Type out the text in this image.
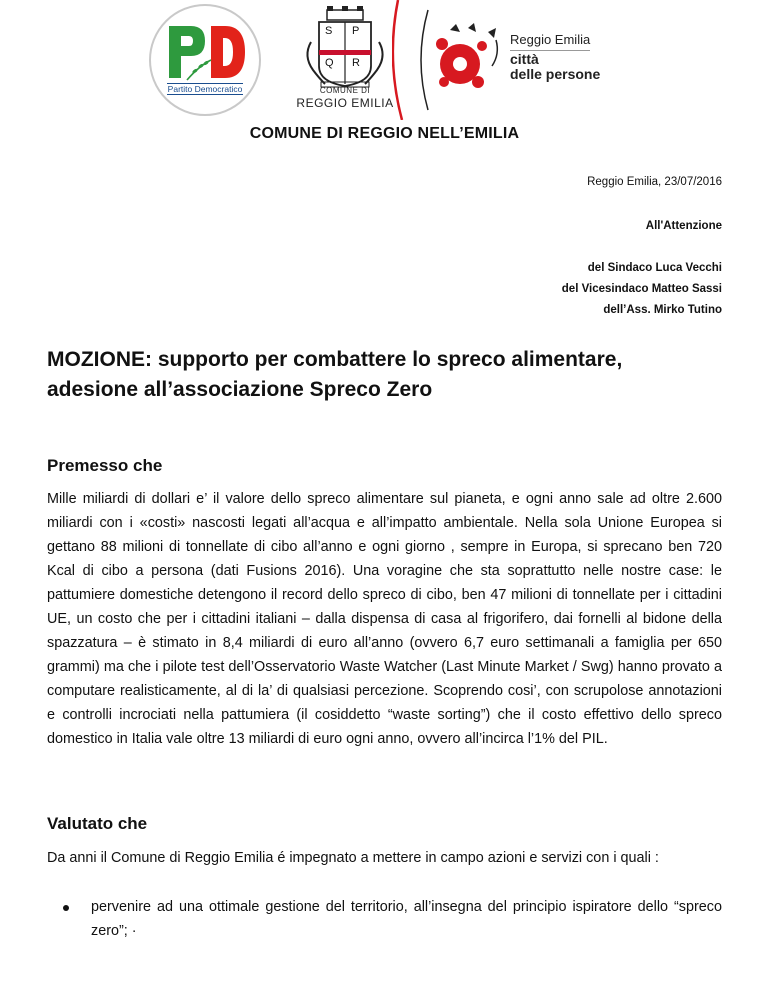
Partito Democratico
S P
Q R
COMUNE DI
REGGIO EMILIA
Reggio Emilia
città
delle persone
COMUNE DI REGGIO NELL’EMILIA
Reggio Emilia, 23/07/2016
All'Attenzione
del Sindaco Luca Vecchi
del Vicesindaco Matteo Sassi
dell’Ass. Mirko Tutino
MOZIONE: supporto per combattere lo spreco alimentare,
adesione all’associazione Spreco Zero
Premesso che
Mille miliardi di dollari e’ il valore dello spreco alimentare sul pianeta, e ogni anno sale ad oltre 2.600 miliardi con i «costi» nascosti legati all’acqua e all’impatto ambientale. Nella sola Unione Europea si gettano 88 milioni di tonnellate di cibo all’anno e ogni giorno , sempre in Europa, si sprecano ben 720 Kcal di cibo a persona (dati Fusions 2016). Una voragine che sta soprattutto nelle nostre case: le pattumiere domestiche detengono il record dello spreco di cibo, ben 47 milioni di tonnellate per i cittadini UE, un costo che per i cittadini italiani – dalla dispensa di casa al frigorifero, dai fornelli al bidone della spazzatura – è stimato in 8,4 miliardi di euro all’anno (ovvero 6,7 euro settimanali a famiglia per 650 grammi) ma che i pilote test dell’Osservatorio Waste Watcher (Last Minute Market / Swg) hanno provato a computare realisticamente, al di la’ di qualsiasi percezione. Scoprendo cosi’, con scrupolose annotazioni e controlli incrociati nella pattumiera (il cosiddetto “waste sorting”) che il costo effettivo dello spreco domestico in Italia vale oltre 13 miliardi di euro ogni anno, ovvero all’incirca l’1% del PIL.
Valutato che
Da anni il Comune di Reggio Emilia é impegnato a mettere in campo azioni e servizi con i quali :
pervenire ad una ottimale gestione del territorio, all’insegna del principio ispiratore dello “spreco zero”; ·
